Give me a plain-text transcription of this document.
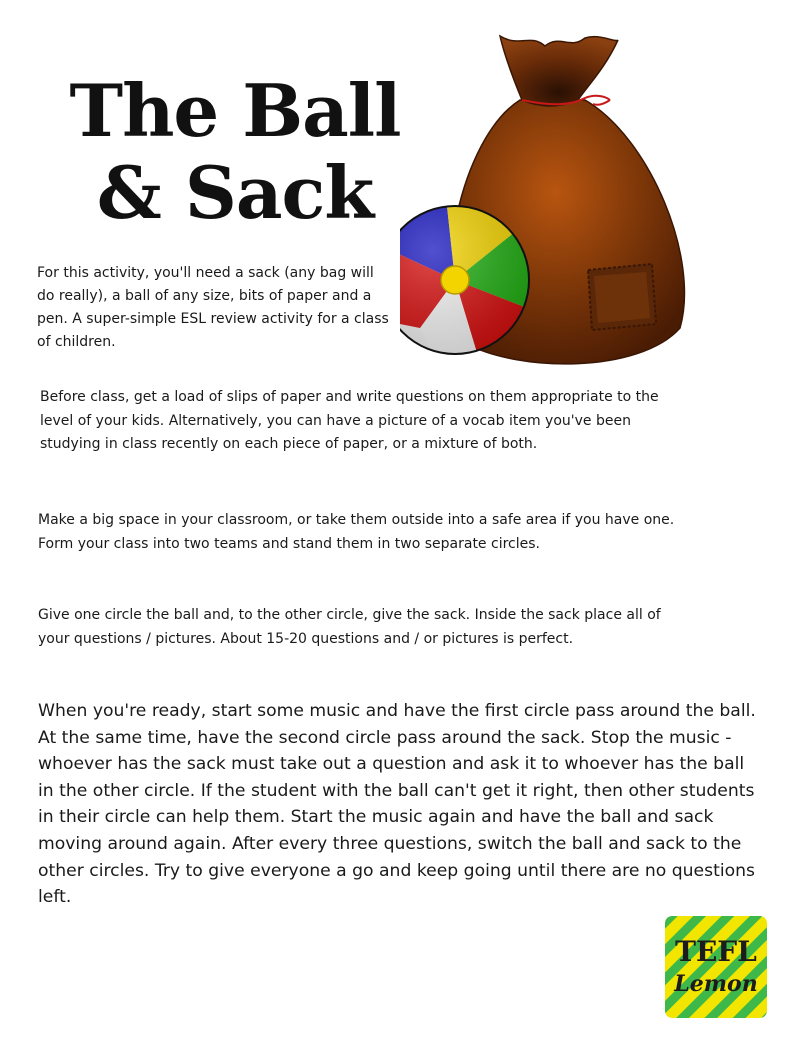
The Ball
& Sack

For this activity, you'll need a sack (any bag will do really), a ball of any size, bits of paper and a pen. A super-simple ESL review activity for a class of children.

Before class, get a load of slips of paper and write questions on them appropriate to the level of your kids. Alternatively, you can have a picture of a vocab item you've been studying in class recently on each piece of paper, or a mixture of both.

Make a big space in your classroom, or take them outside into a safe area if you have one. Form your class into two teams and stand them in two separate circles.

Give one circle the ball and, to the other circle, give the sack. Inside the sack place all of your questions / pictures. About 15-20 questions and / or pictures is perfect.

When you're ready, start some music and have the first circle pass around the ball. At the same time, have the second circle pass around the sack. Stop the music - whoever has the sack must take out a question and ask it to whoever has the ball in the other circle. If the student with the ball can't get it right, then other students in their circle can help them. Start the music again and have the ball and sack moving around again. After every three questions, switch the ball and sack to the other circles. Try to give everyone a go and keep going until there are no questions left.

TEFL
Lemon
